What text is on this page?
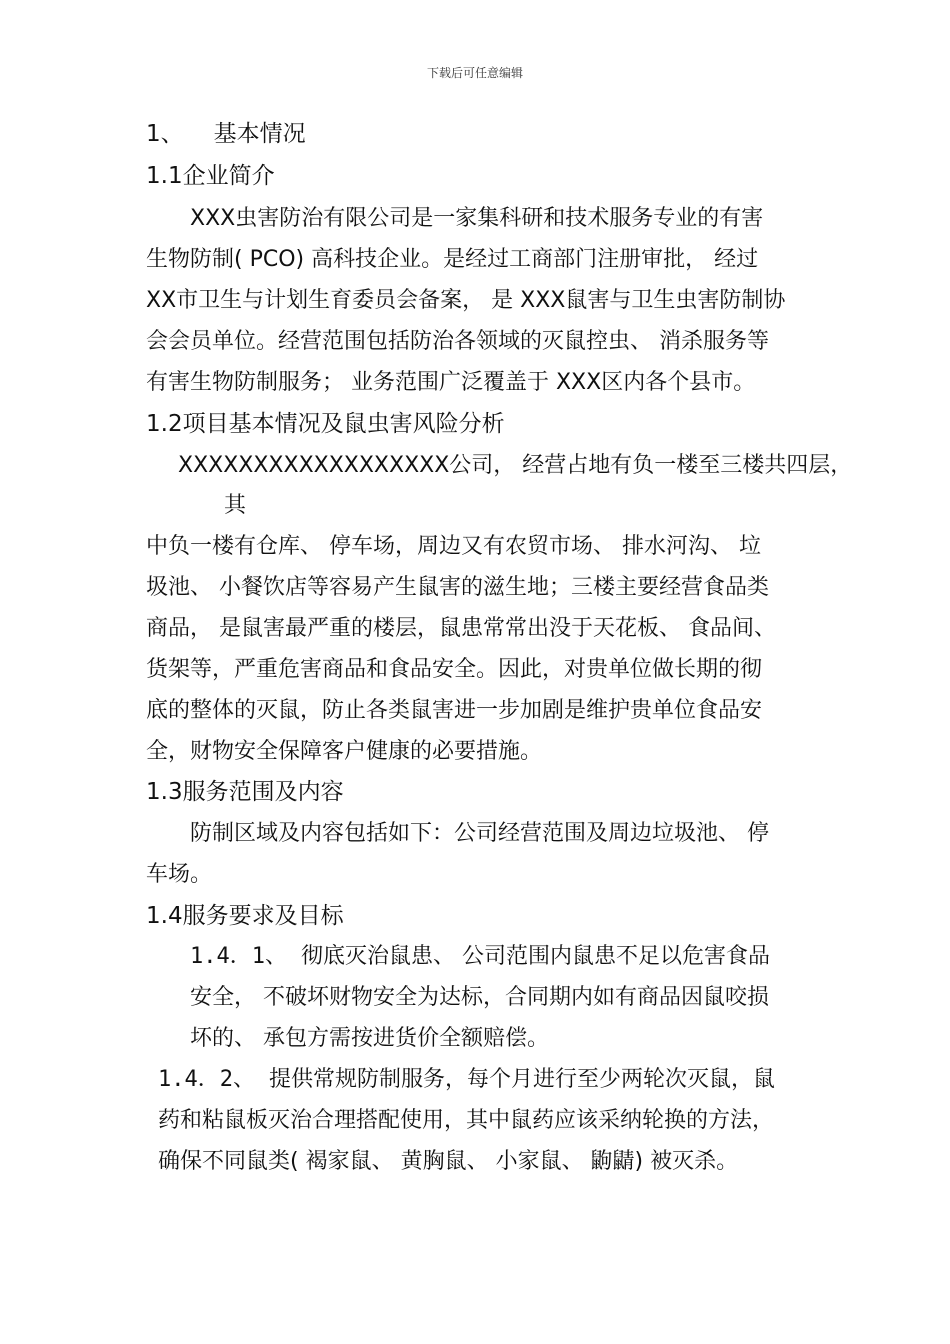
下载后可任意编辑
1、 基本情况
1.1企业简介
XXX虫害防治有限公司是一家集科研和技术服务专业的有害
生物防制( PCO) 高科技企业。是经过工商部门注册审批， 经过
XX市卫生与计划生育委员会备案， 是 XXX鼠害与卫生虫害防制协
会会员单位。经营范围包括防治各领域的灭鼠控虫、 消杀服务等
有害生物防制服务； 业务范围广泛覆盖于 XXX区内各个县市。
1.2项目基本情况及鼠虫害风险分析
XXXXXXXXXXXXXXXXXX公司， 经营占地有负一楼至三楼共四层，
其
中负一楼有仓库、 停车场，周边又有农贸市场、 排水河沟、 垃
圾池、 小餐饮店等容易产生鼠害的滋生地；三楼主要经营食品类
商品， 是鼠害最严重的楼层，鼠患常常出没于天花板、 食品间、
货架等，严重危害商品和食品安全。因此，对贵单位做长期的彻
底的整体的灭鼠，防止各类鼠害进一步加剧是维护贵单位食品安
全，财物安全保障客户健康的必要措施。
1.3服务范围及内容
防制区域及内容包括如下：公司经营范围及周边垃圾池、 停
车场。
1.4服务要求及目标
1.4．1、 彻底灭治鼠患、 公司范围内鼠患不足以危害食品
安全， 不破坏财物安全为达标，合同期内如有商品因鼠咬损
坏的、 承包方需按进货价全额赔偿。
1.4．2、 提供常规防制服务，每个月进行至少两轮次灭鼠，鼠
药和粘鼠板灭治合理搭配使用，其中鼠药应该采纳轮换的方法，
确保不同鼠类( 褐家鼠、 黄胸鼠、 小家鼠、 鼩鼱) 被灭杀。
